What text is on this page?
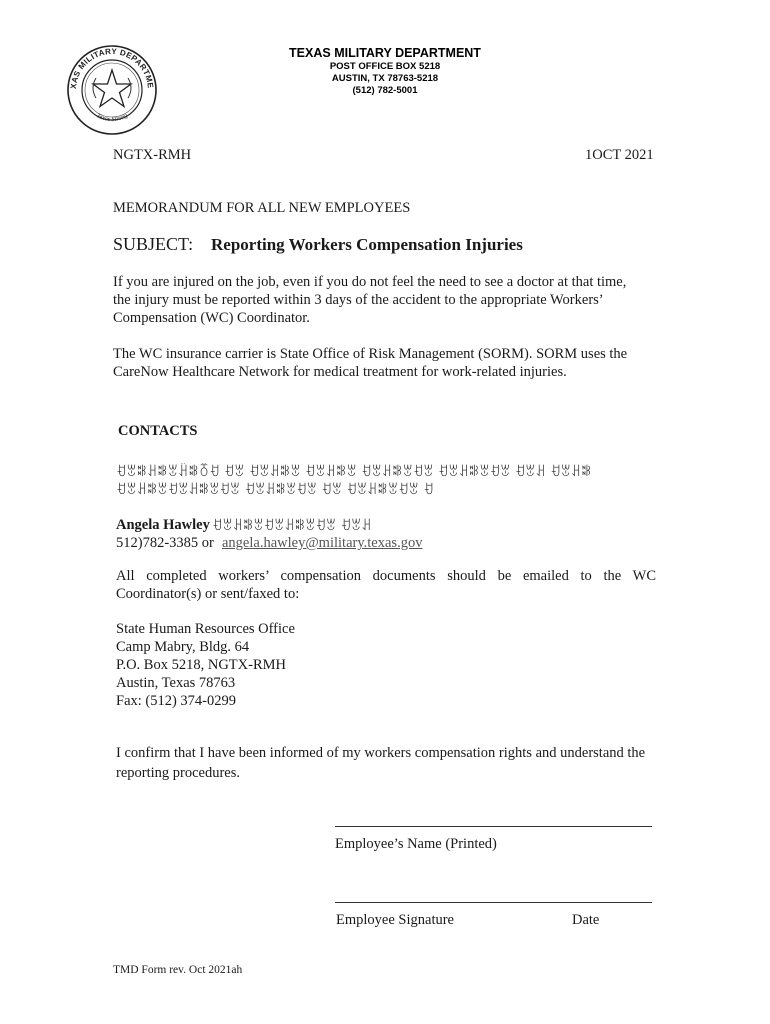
XAS MILITARY DEPARTME
Texas Strong
TEXAS MILITARY DEPARTMENT
POST OFFICE BOX 5218
AUSTIN, TX 78763-5218
(512) 782-5001
NGTX-RMH	1OCT 2021
MEMORANDUM FOR ALL NEW EMPLOYEES
SUBJECT: Reporting Workers Compensation Injuries
If you are injured on the job, even if you do not feel the need to see a doctor at that time,
the injury must be reported within 3 days of the accident to the appropriate Workers’
Compensation (WC) Coordinator.
The WC insurance carrier is State Office of Risk Management (SORM). SORM uses the
CareNow Healthcare Network for medical treatment for work-related injuries.
CONTACTS
ꀀꂄꄀꃅꄀꂄꃄꄀꅁꀀ ꀀꂄ ꀀꂄꃅꄀꂄ ꀀꂄꃅꄀꂄ ꀀꂄꃅꄀꂄꀀꂄ ꀀꂄꃅꄀꂄꀀꂄ ꀀꂄꃅ ꀀꂄꃅꄀ
ꀀꂄꃅꄀꂄꀀꂄꃅꄀꂄꀀꂄ ꀀꂄꃅꄀꂄꀀꂄ ꀀꂄ ꀀꂄꃅꄀꂄꀀꂄ ꀀ
Angela Hawley ꀀꂄꃅꄀꂄꀀꂄꃅꄀꂄꀀꂄ ꀀꂄꃅ
512)782-3385 or angela.hawley@military.texas.gov
All completed workers’ compensation documents should be emailed to the WC
Coordinator(s) or sent/faxed to:
State Human Resources Office
Camp Mabry, Bldg. 64
P.O. Box 5218, NGTX-RMH
Austin, Texas 78763
Fax: (512) 374-0299
I confirm that I have been informed of my workers compensation rights and understand the
reporting procedures.
Employee’s Name (Printed)
Employee Signature	Date
TMD Form rev. Oct 2021ah
